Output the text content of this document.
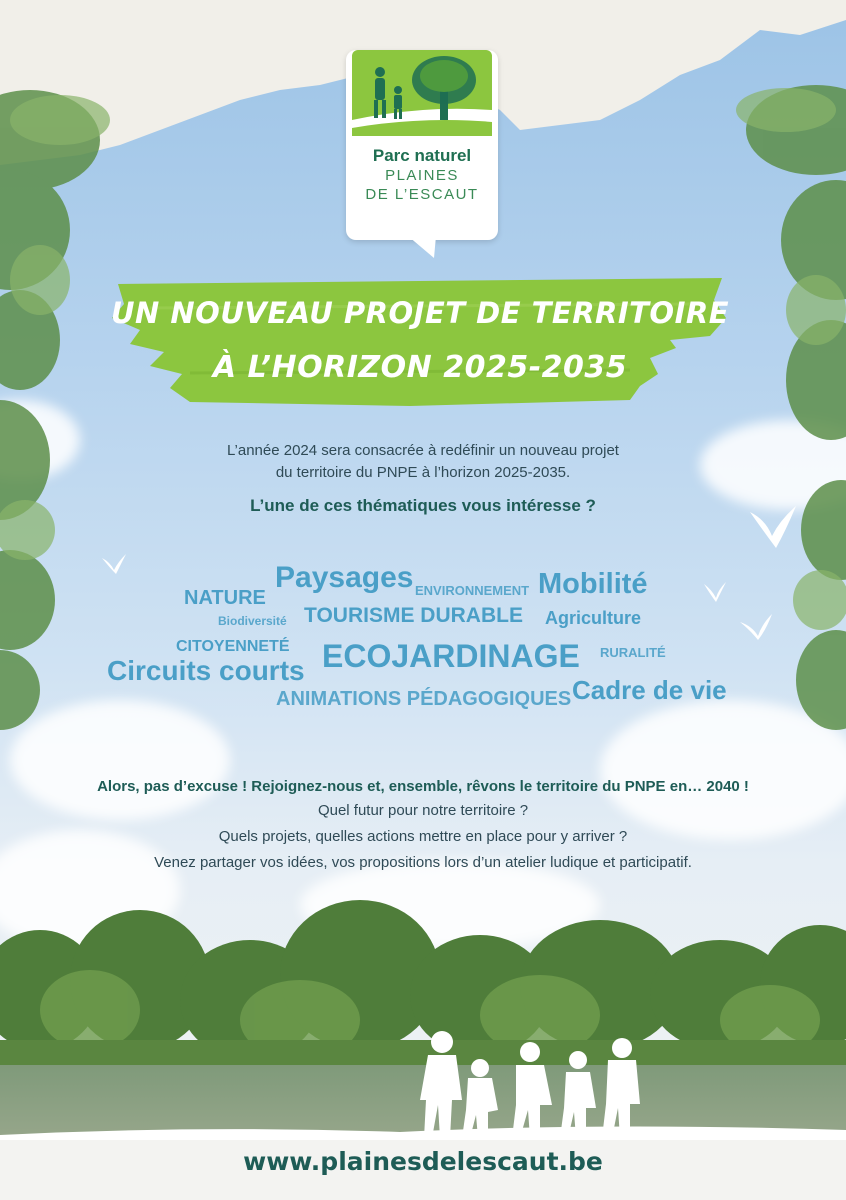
Parc naturel
PLAINES
DE L’ESCAUT
UN NOUVEAU PROJET DE TERRITOIRE
À L’HORIZON 2025-2035
L’année 2024 sera consacrée à redéfinir un nouveau projet
du territoire du PNPE à l’horizon 2025-2035.
L’une de ces thématiques vous intéresse ?
NATURE
Paysages ENVIRONNEMENT Mobilité
Biodiversité TOURISME DURABLE Agriculture
CITOYENNETÉ ECOJARDINAGE RURALITÉ
Circuits courts
ANIMATIONS PÉDAGOGIQUES Cadre de vie
Alors, pas d’excuse ! Rejoignez-nous et, ensemble, rêvons le territoire du PNPE en… 2040 !
Quel futur pour notre territoire ?
Quels projets, quelles actions mettre en place pour y arriver ?
Venez partager vos idées, vos propositions lors d’un atelier ludique et participatif.
www.plainesdelescaut.be
